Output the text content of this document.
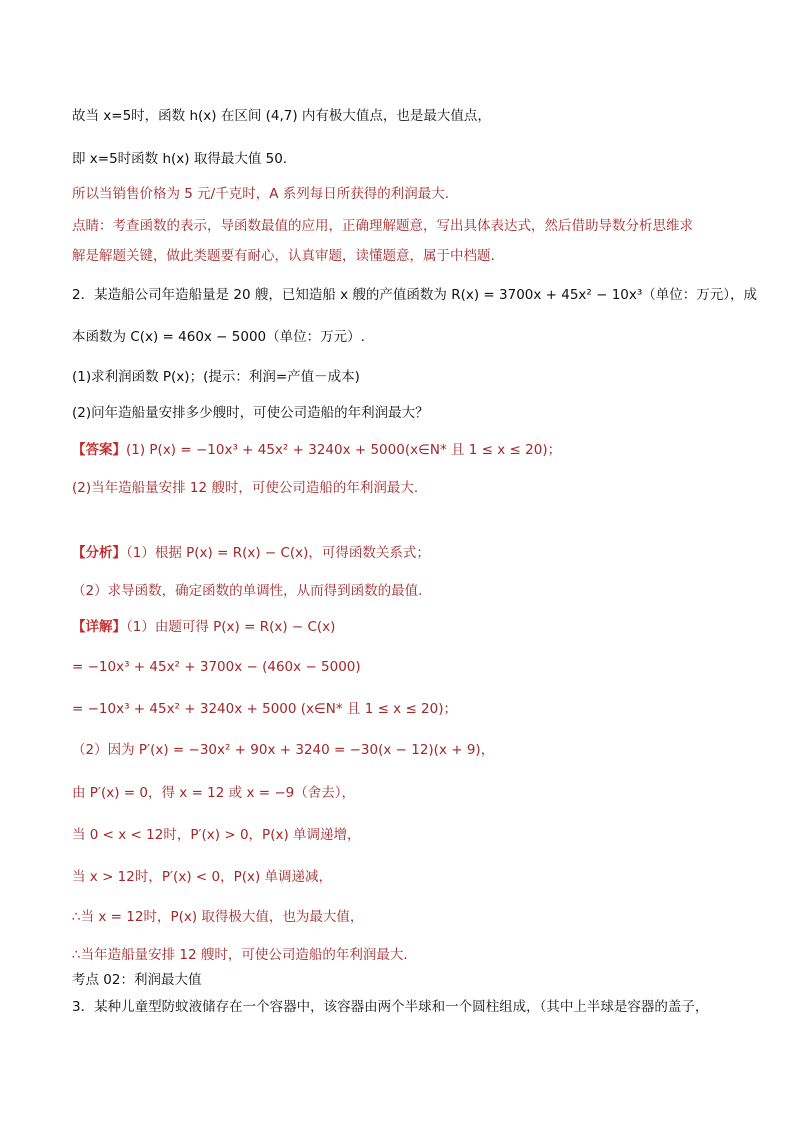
故当 x=5时，函数 h(x) 在区间 (4,7) 内有极大值点，也是最大值点，
即 x=5时函数 h(x) 取得最大值 50.
所以当销售价格为 5 元/千克时，A 系列每日所获得的利润最大.
点睛：考查函数的表示，导函数最值的应用，正确理解题意，写出具体表达式，然后借助导数分析思维求
解是解题关键，做此类题要有耐心，认真审题，读懂题意，属于中档题.
2．某造船公司年造船量是 20 艘，已知造船 x 艘的产值函数为 R(x) = 3700x + 45x² − 10x³（单位：万元），成
本函数为 C(x) = 460x − 5000（单位：万元）.
(1)求利润函数 P(x)；(提示：利润=产值－成本)
(2)问年造船量安排多少艘时，可使公司造船的年利润最大？
【答案】(1) P(x) = −10x³ + 45x² + 3240x + 5000(x∈N* 且 1 ≤ x ≤ 20)；
(2)当年造船量安排 12 艘时，可使公司造船的年利润最大.
【分析】（1）根据 P(x) = R(x) − C(x)，可得函数关系式；
（2）求导函数，确定函数的单调性，从而得到函数的最值.
【详解】（1）由题可得 P(x) = R(x) − C(x)
= −10x³ + 45x² + 3700x − (460x − 5000)
= −10x³ + 45x² + 3240x + 5000 (x∈N* 且 1 ≤ x ≤ 20)；
（2）因为 P′(x) = −30x² + 90x + 3240 = −30(x − 12)(x + 9)，
由 P′(x) = 0，得 x = 12 或 x = −9（舍去），
当 0 < x < 12时，P′(x) > 0，P(x) 单调递增，
当 x > 12时，P′(x) < 0，P(x) 单调递减，
∴当 x = 12时，P(x) 取得极大值，也为最大值，
∴当年造船量安排 12 艘时，可使公司造船的年利润最大.
考点 02：利润最大值
3．某种儿童型防蚊液储存在一个容器中，该容器由两个半球和一个圆柱组成，（其中上半球是容器的盖子，
